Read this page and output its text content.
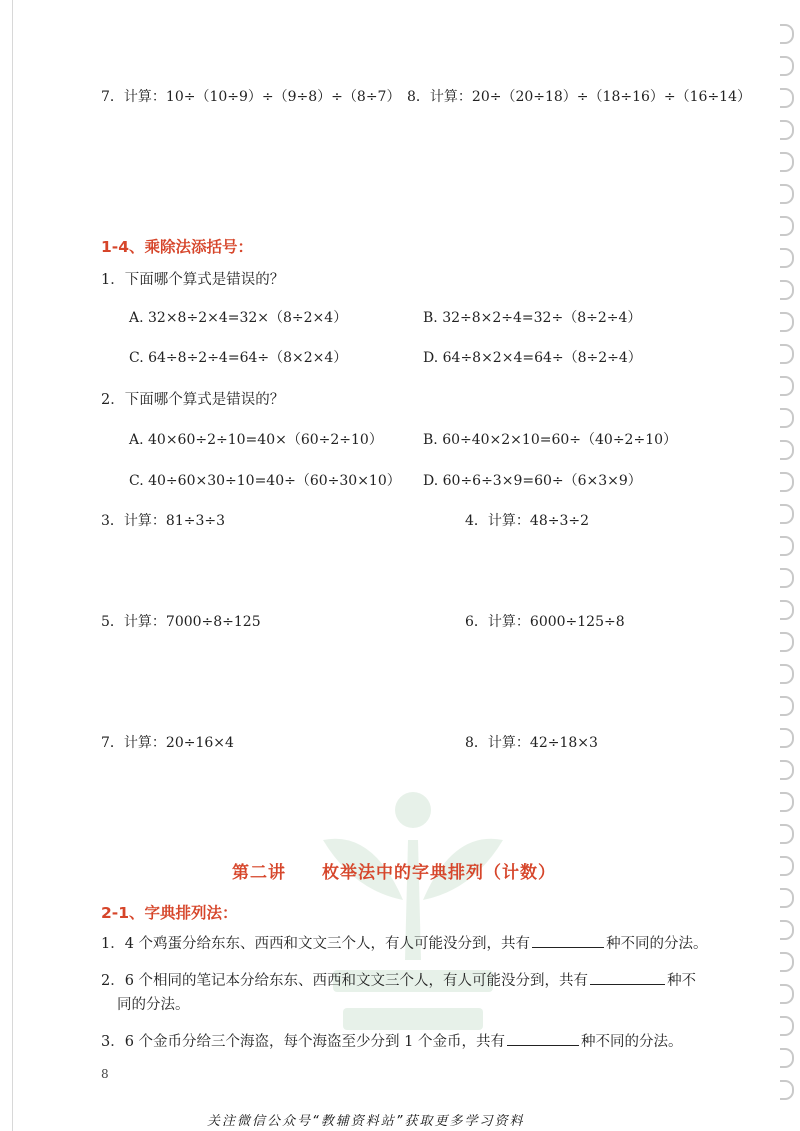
7．计算：10÷（10÷9）÷（9÷8）÷（8÷7） 8．计算：20÷（20÷18）÷（18÷16）÷（16÷14）
1-4、乘除法添括号：
1．下面哪个算式是错误的？
A. 32×8÷2×4=32×（8÷2×4）	B. 32÷8×2÷4=32÷（8÷2÷4）
C. 64÷8÷2÷4=64÷（8×2×4）	D. 64÷8×2×4=64÷（8÷2÷4）
2．下面哪个算式是错误的？
A. 40×60÷2÷10=40×（60÷2÷10）	B. 60÷40×2×10=60÷（40÷2÷10）
C. 40÷60×30÷10=40÷（60÷30×10） D. 60÷6÷3×9=60÷（6×3×9）
3．计算：81÷3÷3	4．计算：48÷3÷2
5．计算：7000÷8÷125	6．计算：6000÷125÷8
7．计算：20÷16×4	8．计算：42÷18×3
第二讲　　枚举法中的字典排列（计数）
2-1、字典排列法：
1．4 个鸡蛋分给东东、西西和文文三个人，有人可能没分到，共有	种不同的分法。
2．6 个相同的笔记本分给东东、西西和文文三个人，有人可能没分到，共有	种不
同的分法。
3．6 个金币分给三个海盗，每个海盗至少分到 1 个金币，共有	种不同的分法。
8
关注微信公众号“教辅资料站”获取更多学习资料
